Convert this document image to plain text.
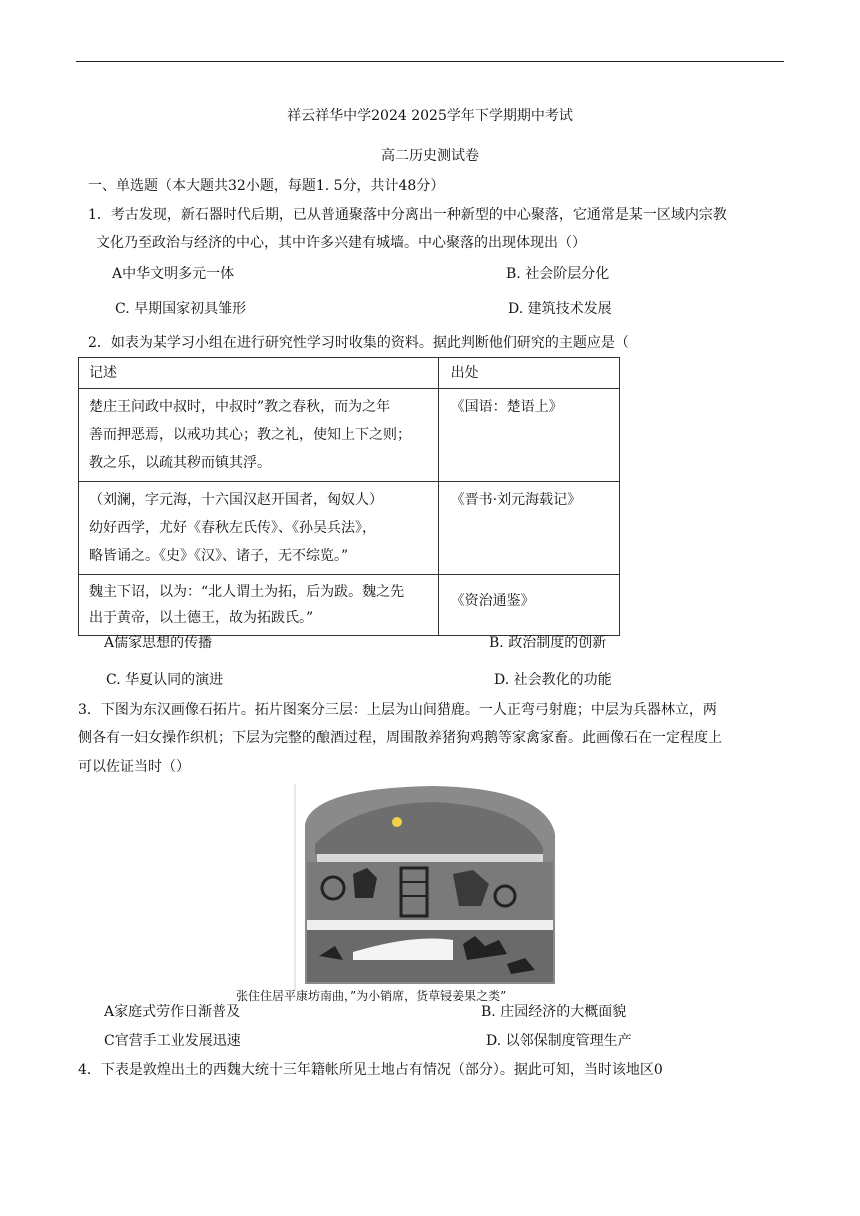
祥云祥华中学2024 2025学年下学期期中考试
高二历史测试卷
一、单选题（本大题共32小题，每题1. 5分，共计48分）
1．考古发现，新石器时代后期，已从普通聚落中分离出一种新型的中心聚落，它通常是某一区域内宗教
文化乃至政治与经济的中心，其中许多兴建有城墙。中心聚落的出现体现出（）
A中华文明多元一体	B. 社会阶层分化
C. 早期国家初具雏形	D. 建筑技术发展
2．如表为某学习小组在进行研究性学习时收集的资料。据此判断他们研究的主题应是（
记述	出处

楚庄王问政中叔时，中叔时”教之春秋，而为之年
善而押恶焉，以戒功其心；教之礼，使知上下之则；
教之乐，以疏其秽而镇其浮。	《国语：楚语上》

（刘澜，字元海，十六国汉赵开国者，匈奴人）
幼好西学，尤好《春秋左氏传》、《孙吴兵法》，
略皆诵之。《史》《汉》、诸子，无不综览。”	《晋书·刘元海载记》

魏主下诏，以为：“北人谓土为拓，后为跋。魏之先
出于黄帝，以土德王，故为拓跋氏。”	《资治通鉴》
A儒家思想的传播	B. 政治制度的创新
C. 华夏认同的演进	D. 社会教化的功能
3．下图为东汉画像石拓片。拓片图案分三层：上层为山间猎鹿。一人正弯弓射鹿；中层为兵器林立，两
侧各有一妇女操作织机；下层为完整的酿酒过程，周围散养猪狗鸡鹅等家禽家畜。此画像石在一定程度上
可以佐证当时（）
张住住居平康坊南曲，”为小销席，货草锓姜果之类”
A家庭式劳作日渐普及	B. 庄园经济的大概面貌
C官营手工业发展迅速	D. 以邻保制度管理生产
4．下表是敦煌出土的西魏大统十三年籍帐所见土地占有情况（部分）。据此可知，当时该地区0
